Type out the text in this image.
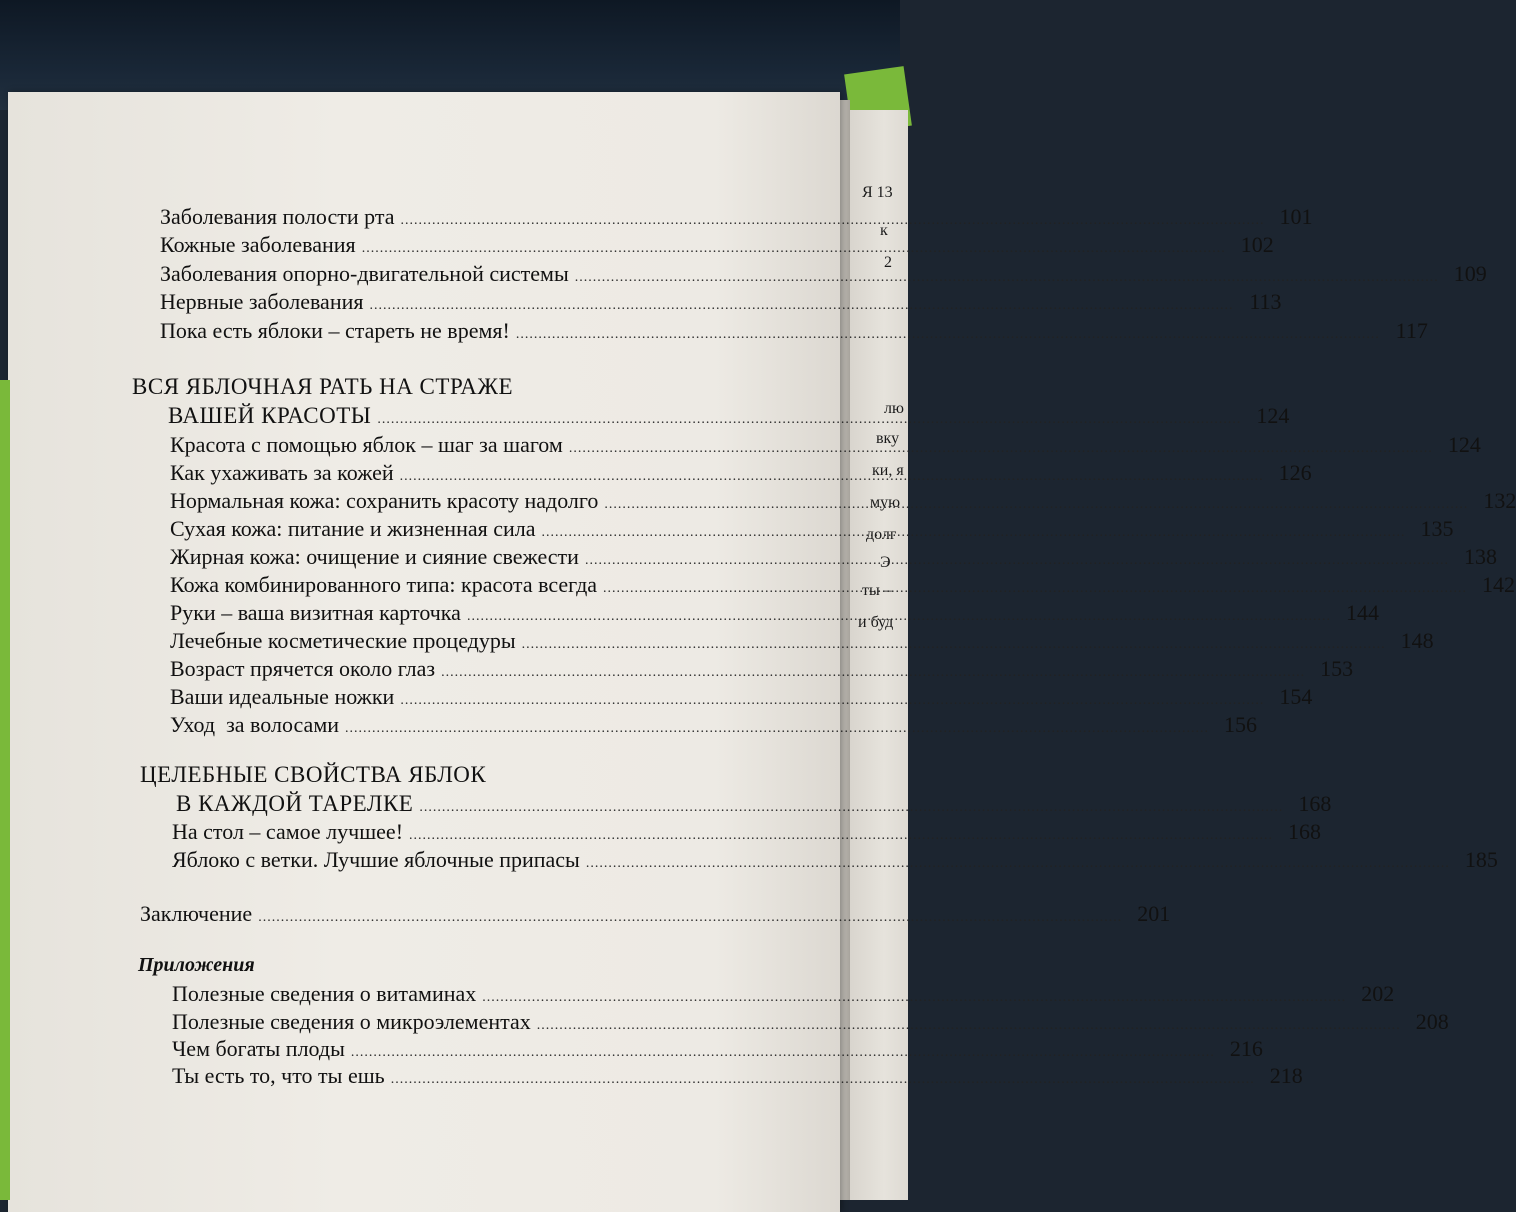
Я 13
к
2
лю
вку
ки, я
мую
долг
Э
ты –
и буд
Заболевания полости рта .....	101
Кожные заболевания .....	102
Заболевания опорно-двигательной системы .....	109
Нервные заболевания .....	113
Пока есть яблоки – стареть не время! .....	117
ВСЯ ЯБЛОЧНАЯ РАТЬ НА СТРАЖЕ
ВАШЕЙ КРАСОТЫ .....	124
Красота с помощью яблок – шаг за шагом .....	124
Как ухаживать за кожей .....	126
Нормальная кожа: сохранить красоту надолго .....	132
Сухая кожа: питание и жизненная сила .....	135
Жирная кожа: очищение и сияние свежести .....	138
Кожа комбинированного типа: красота всегда .....	142
Руки – ваша визитная карточка .....	144
Лечебные косметические процедуры .....	148
Возраст прячется около глаз .....	153
Ваши идеальные ножки .....	154
Уход  за волосами .....	156
ЦЕЛЕБНЫЕ СВОЙСТВА ЯБЛОК
В КАЖДОЙ ТАРЕЛКЕ .....	168
На стол – самое лучшее! .....	168
Яблоко с ветки. Лучшие яблочные припасы .....	185
Заключение .....	201
Приложения
Полезные сведения о витаминах .....	202
Полезные сведения о микроэлементах .....	208
Чем богаты плоды .....	216
Ты есть то, что ты ешь .....	218
